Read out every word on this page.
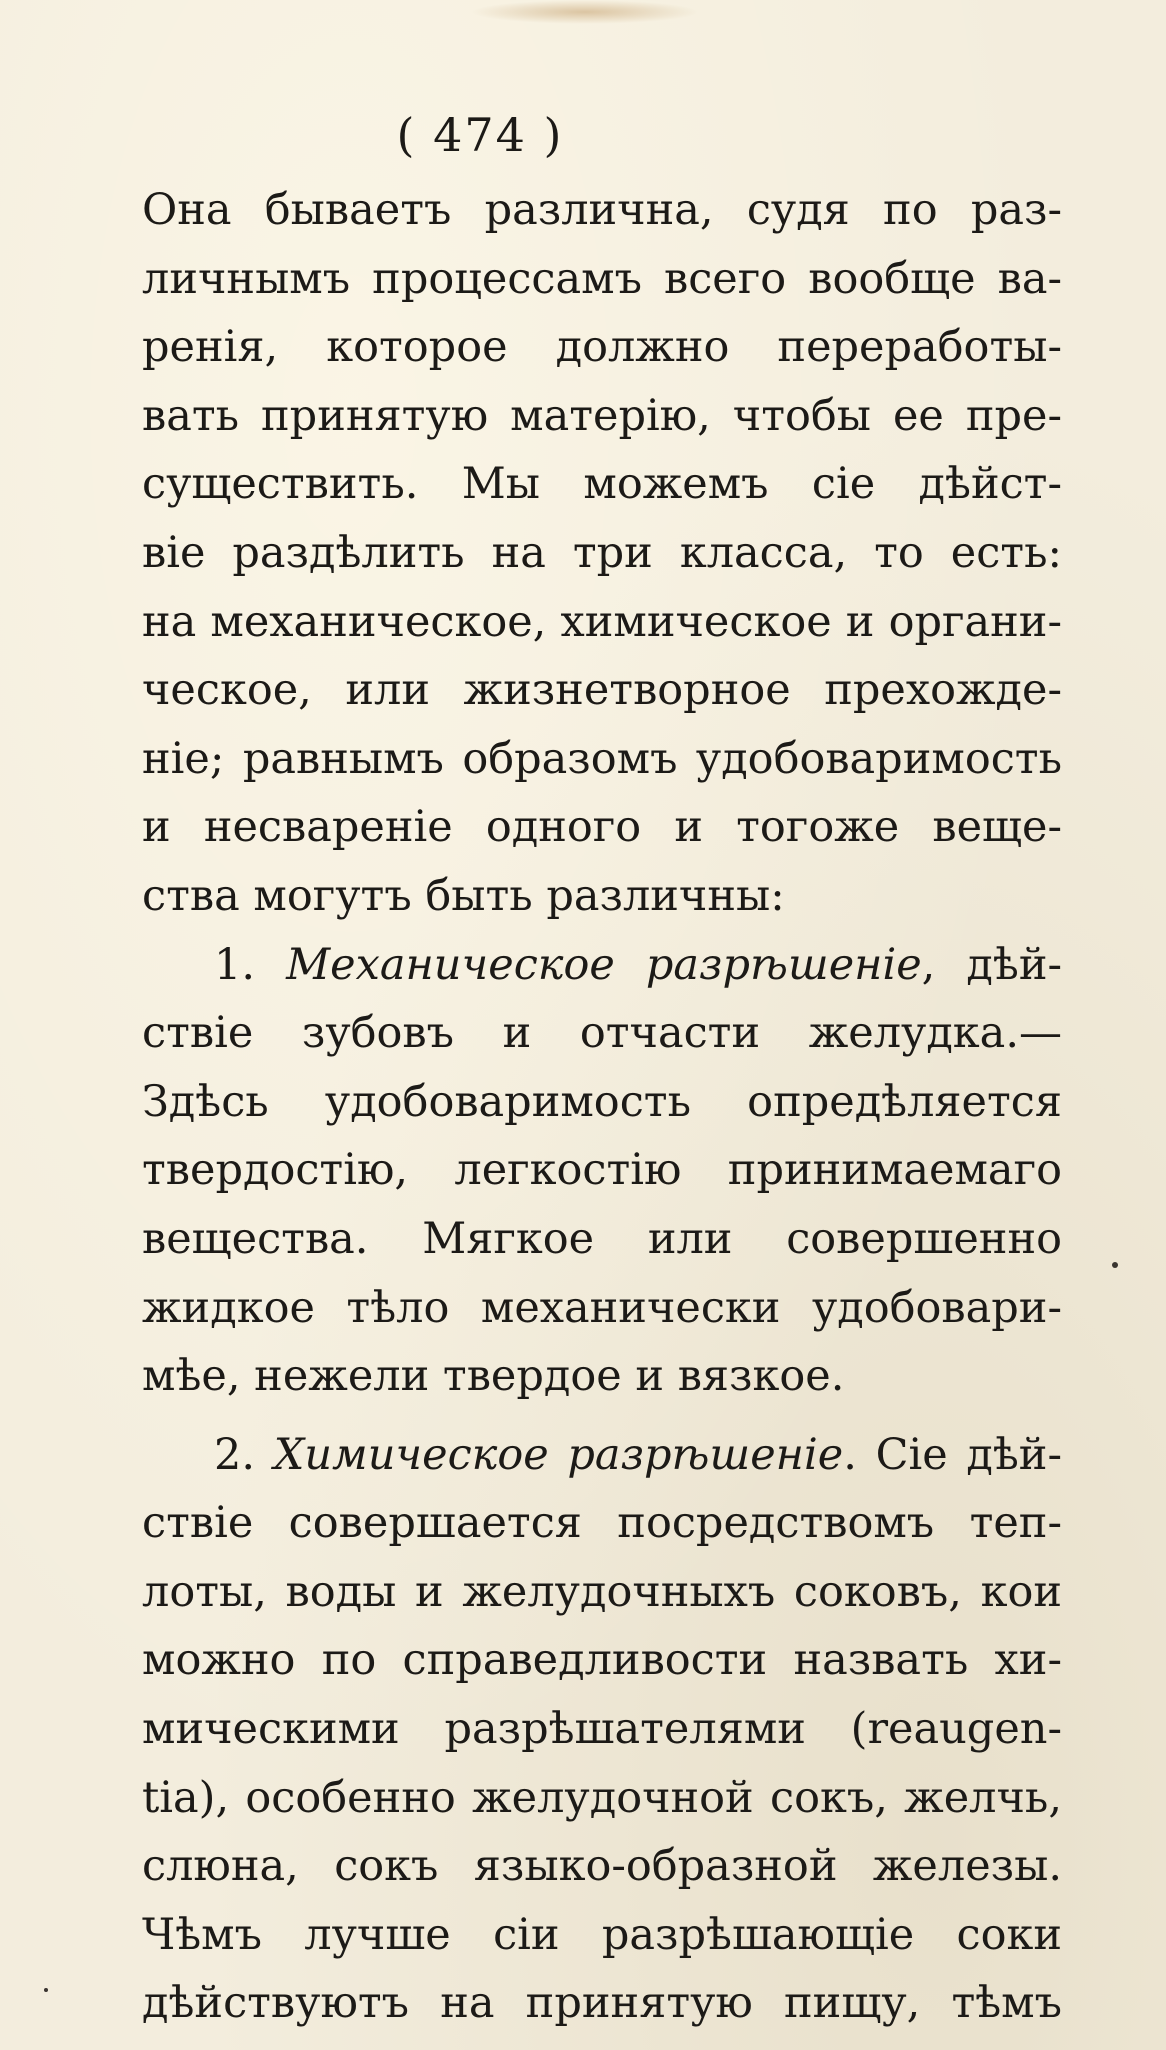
( 474 )
Она бываетъ различна, судя по раз-
личнымъ процессамъ всего вообще ва-
ренія, которое должно переработы-
вать принятую матерію, чтобы ее пре-
существить. Мы можемъ сіе дѣйст-
віе раздѣлить на три класса, то есть:
на механическое, химическое и органи-
ческое, или жизнетворное прехожде-
ніе; равнымъ образомъ удобоваримость
и несвареніе одного и тогоже веще-
ства могутъ быть различны:
1. Механическое разрѣшеніе, дѣй-
ствіе зубовъ и отчасти желудка.—
Здѣсь удобоваримость опредѣляется
твердостію, легкостію принимаемаго
вещества. Мягкое или совершенно
жидкое тѣло механически удобовари-
мѣе, нежели твердое и вязкое.
2. Химическое разрѣшеніе. Сіе дѣй-
ствіе совершается посредствомъ теп-
лоты, воды и желудочныхъ соковъ, кои
можно по справедливости назвать хи-
мическими разрѣшателями (reaugen-
tia), особенно желудочной сокъ, желчь,
слюна, сокъ языко-образной железы.
Чѣмъ лучше сіи разрѣшающіе соки
дѣйствуютъ на принятую пищу, тѣмъ
